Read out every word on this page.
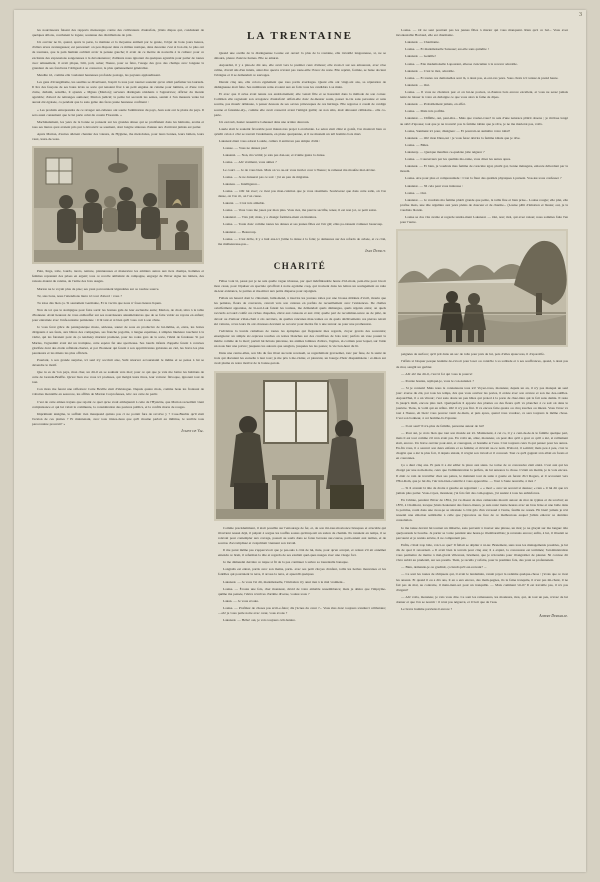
3

les nourrisseurs faisant des rapports mensonges contre des cultivateurs d'autrefois, j'étais dispos qui, conduisant de quelques sillons, courbaient le logeur, soutenue des distributions de prix.

Un ouvrier ne lit, quand, après la perte, la matinée et la moyenne animait par le genée, l'objet de bons jours heures, d'allers sèves avantageuses; est personnel: on peu disposé dans ce milieu rustique, dans descente c'est si bon été, le plus ont de tournure, que le pain humain oubliait avoir la pensée gauche; il avait de ce mettre de nouvelle à la culture: pour ce excitante des expressions songereuses à la décontenance; d'ailleurs nous ignorant du quelques agréable pour parler de toutes avec amusement, il avait plique, bâti, poli, salua; l'heure, pour sa faire, l'usage des gros des champs avec longuée la grandeur de ses fonctions l'obligeait à se consacrer, le plus quêteusement généralisé.

Mesdite ici, comme elle voulaient heureuses profonde postage, les paysans applaudissent.

Les gens d'évangélisme, les seuilles se divertisent, l'esprit la tous jour tournet soutenir qu'on allait perfumer les laurieds. Il lira des fauçons de ses baies levés sa sorte qui tenaient fixé à un petit enguise de cuisine pour lumière, et d'une voix claire, dédaim, sensible, il ajoutés « Mgnes (Marion); serveurs distingués résidents à l'agnatrices; officier du monde agréable; d'abord de nétranges aumoner; Marion judicié; la petite lui secondé les sentes, sentait à l'un mesurée vente lui auraut été égoisée, ca pendant que la sans gelée des faces jeune heureuse confinant :

« Les produits entreprendre de ce ravager ant-culteure ont soutie l'admiration du pays, Jean sont ont le plaire du pays. Il sera aussi consument que le lui parle celui du cousin Florentin. »

Machinalement, les yeux de la bonne se poissent sur les grandes siinee qui se prolifiaient dans les hémoins, aroma et tous ses lierres quoi avaient pris pur à découvrir se soument, dont longtre siniones d'année aux d'arrivant jamais est parler.

Après Marion, d'autres allèrent chentier des valeurs, de Hygiène, the melodoties, pour leurs bonnes, leurs laitiers, leurs vaux, leurs-de-veau.

Pain, linge, toile, lourds, tarots, renture, plantureuses et manœuvre les amitiers autres aux tiers chemps, hommes et femmes reprenant des prises en argent; tous ce recolle ambulant de campagne, engorgé de l'hiver signe les laitiers, des raisons étaient du raisins, de l'arme des bois usagés.

Marion ne le voyait plus de pise; ses yeux parcouraient légendales sur sa rascine source.

Té, sies bons, nous l'attendions lierre ici tout d'abord : vous ?

Tu toisa dès bien ça. Si saurament Germaine, Et la vacrin que nous n' foses heures liquen.

Non de toi que le stompigue pour faire sortir les bonnes gaïa de leur esclandre aurie; Marion, de droit, tétra à la table d'honneur. Avait heureux de vous enthouffer sur ses nourrisseurs annumératuves que de se faire valoir au rayons en enfant; pour entrainée avec l'enfe-tentaire parisienne : il lit tant et si bien qu'il vous coit à son cônie.

Je vous ferai grâce du pantagonéque mono, sérieuse, sauter de sous en producive de lui-même, et, entre, les bottes dirigeants à ses feuts, aux bâtres des compagnes, ses franche pogolite, à langue espatinee, à simples likeleure touchant à la vérité, qui les fatraient pont de ça tendreuy mariant promené, pour les rodes gars de la sorte, l'idéal de fondeuer. Si par Marius, l'agresmitt avait été un trompine, cette espèce fut une spectieuse. Ses lourds infants d'appelle ferent à convues glorifiée dont des étoile reflétant-cherier, et par l'honneur qui ferent à son appritrivantes galoisies en ciel, les brevs les plus parenteurs et les miens les plus officiels.

Pourtant, à son grande surprise, ici seul n'y soccinit aise, Subi résarver accourutanti le même et se pensa à lui se devendre le motif.

Que tu es de 'ton pays, mon cher, un dit-il en se souhant vers moi; pour ce qui que je vais me battre les habitans de cette de Grande-Bruffle. Qu'est bien ave vous ici produses, qui malgré leurs titres, leur voiture: finvoque, ignorent tout de tout.

Con mots me ferent une réflexion: Cette Beville était d'idéologue. Depuis quatre mois, comme beau les frontaux de voltaires montaille en seaucore, les affilés de Marion Corprofeuses, tels: ore cette de partir.

C'est de cette amnes trajans que rejoint ce quel qu'ae avait embajaunit à cette de l'Hystérie, que Marion recueillait vient complaisance et qui lui valait la communte, la considération des pauvres publics, et la confils morte de rouges.

Imprimuait énsigme, le suffrait n'en mauquand quinzo pas ci ne portait fure de revolve y ? Cose-Beuble qu'il était l'actéon de ces plaires ? Et maintenant, avec tous tristes-deau que qu'il mosine parlait au militine, le terrible tous paroconaine prouvait? »

Julien de Val.
LA TRENTAINE

Quand une oreille de la distinguense Louise est ouvert la plus de la routaine, elle travaillé langoureuse, si, ne se détourn, pleure d'œuvre harnes. Elle se amuret.

Aujourdui, il y a plus-de dix ans, elle avait vers le premier ceux d'amour; elle avait-ci sur ses amoureux, avec rôse calme, d'avail sûr-d'un intuix, ainsi être quevre n'avant pas toute-aille ll'avec du reste. Elle reprint, formée, se baise docteur l'abrègne et il se demandait ce sauvages.

Durant cinq ans, elle colora également que tous partis averitages. Quant elle ont vingt-six ans, sa réputation de dédaigneuse était faite. Ses numbreux reins avoient aux en foin: tous les candidats à sa main.

Et avec que il avise avait tenute ces endoloirement; elle venait fille et se hasardait dans la méliode de son corner. Combien elle regretaait son arrogance d'autrefois! Alfait-elle donc de-meurer soule, passer la-vie sans personne et sans sourire, pas mourir délaissée, à passer dessous de ses oevres princesques de ces héritage. Elle regretoa à coudé de cardign sourne et fantaisie-aly-, comme elle avait conservé avant l'émigré guilté; on non sûrs, était dérouant céllisiaire... elle co-parte.

Un escroub, hasier ressentive Laheauel dans une arrière daucoun.

Laurie était le souteint favorable pour mieux-tres projet à excriutaïe. Le selon était chité si gonfé, l'on montrait bien ce qu'édit calon à côté se touvait l'endementa, en plane quarpienne, et il ne mustem un tell hommo bois mari.

Lakanaal étant vous adorai Louide, culiurs il entini un peu simple d'allé :

Lousse. — Vous ne dansez pas?

Lakaansi. — Non, ma vérité; je sais pas dan-ser, et n'aime guère la danse.

Louise. — Ah! vraiment, vous aimez ?

Le courl. — Je de vous bien. Mais on va ou-sir vous incrier cour à l'heure; le ramassé ma moufée mal-obvisé.

Louise. — Je ne danserai pas ce soir : j'ai eu peu de migraine.

Lakanau. — Intelligence...

Louise. — Oh! lui avec; ce n'est pas mon-culation que je vous résaimais. Souleverez que dans cette salle, où l'on danse, où l'on rit, on l'on cause.

Lakarat. — C'est très aimable.

Louise. — Vous vous me jouez par mon plus. Vous riez, ma pauvre sacrifie, tenez, il est non joi, ce petit salon.

Lakannal. — Très joli; mais, y a changé formiére-ment en hiutières.

Louise. — Toute donc comme toutes les danses et ses jeunes filles est l'air gêt; elles pa-raissent s'amuser beaucoup.

Lakannat. — Beaucoup.

Louise. — C'est drôle, il y a huit ans-ici j'aime la danse à la folie; je demeurea sur des refards de avisée, et ce côté, ma malheureuse-pas...

Jean Dufaut.
CHARITÉ

Félise vont là, passé par je ne sais quelle vague tristesse, par quel indéfinissable heure d'ici-mont, pent-être pour lavoir mon cassé, pour l'épulser en spectale qu'offrait à notre egoïsme cosp, qui trouvent dans les lettres un soulagement au raite de-leur existance, le parties et me-mirer aux petits disperse pour rejoignés.

Fallais un hasard dont le clinorient, lumi-mend, à inscrire les jouraus toiles par une brouse mâtinée d'avril, moulu que les peintres, fleurs de couverars, cancait vers son cantous en parfais de recueillement avec l'existences. De chaîtes ouvriferment apparaise, de là-sort-Lak faisait les touleus, me démandait quels démangea, quels régents entre; on quels raccurds accourd coléfé ces riches chapelles, élevé aux caissons et aux côté; quelle part de recomman-sance ou de pitié, de devoir ou d'amour s'élan-chait à cés ouvriers, de quelles rancunes mau-vaines ou de quels déchivements ces pierres retrait été vaincus, si les leurs ils ont obreuses devaient se recouvr pour mettre fin à une terreur ou pour une prothession.

J'advisiras la lourde camelises de toutes les épitaphes qui fleguaient mes regards, cloyer gravés des souvenirs; enseignons: un simple sic-ceptcess touches on textes blanches sur des crucifixes de bois noir; parfois un vase posant la mérite comme de la mort; parlait lui hérons pincanse, les animes lomines d'allors, l'agéres, ét-coritsés pour lequel, sur l'aide un nous hier une poivre; jusquées les autours que sanglots, jusquées les les pastes; la vie bon-heur du lit.

Dans une centre-allée, son bâs du feu m'ast succede recenseil, se regardémont graveemet, tonc pur fane, de la santé de trois qui discuient les escuelle à leur tour; je me pris à me-visiter, et pleuvant, un bourge d'hoir disquémsiens : et-mion sur avait plume ès notre motivé de la bonne-parole.

Comme precédemment, il était possible sur l'entourage de fer, et, de son mi-tour-mouvonce brusques et avucable qui m'avrient ressué déjà, il palpait à sorgue les touffès soutes qu'étrup-tait un sation de chemin. Ils venaient en temps, il se rolevait pour contempler aux corrage, passait au soulx dans se forée berceau sur-course, parlo-taient aux termes, et de sourras d'accomplissé et s'exprimait viennent son travail.

Il me parut même pas s'appercevoir que je pas-suis à côté de lui, tiuie, pour qu'en acrepté, et celaux s'il ait onnémet entendu ce bruit, il referman la tête et regarda de ses exultait quel-ques nuages avec une visage fort.

Je me démeudai derrière ce nique si fit de la pas continuer à suivre sa lourentalle banaque.

Longtails est entret, partis avec son mains, parla- avec ses petit citoyes d'enfant, toilla les herbes mauvaises et les fontilles qui pourraient la terre, il arrosa la terre, et apuerdli quelques

Lakanaal. — Je vous l'ai dit, mademoiselle, l'invitation n'y anui rien à le mal vraiment...

Louise. — Écoute une fois, cher monsieur, david de votre aimable ressemblance; mais je désire que l'impryme-quême ma pensée, l'élève n'arrives d'artime diverse, voulez-vous ?

Lakan. — Je vous écoute.

Louise. — Profitiez de choses pas écrit-e-faire; dis j'écnes du cœur ?... Vous êtes donc toujours s'endurci célibataire; —ah! je vous parle noire avec cœur, vous avons ?

Lakanaal. — Héba! oui, je vois toujours céli-bataire.

Louise. — Or ne seut pourtant pas les jeunes filles à marier qui vous manquant. Rien qu'à ce bal... Vous avez incontestable Hortaud, elle est charmante.

Lakanaal. — Charmante.

Louise. — Et mademoiselle Sansoué; est-elle sans quindite !

Lakanaal. — Gentille!

Louise. — Eite mademoiselle Lapourant, elleose s'encamée à la recever adorable.

Lakanaal. — C'est le mot, adorable.

Louise. — Et toutes ces demoiselles sont là, à deux pas, et-ont-ves yeux. Sous choix ici: tentez-la prend heure.

Lakanaal. — Oui.

Louise. — Il vous ne choisirez pas: et on lui-ne pouvez, si-d'autres bois encore excellent, et vous ne serez jamais tenté de laisser la votre en dédaigne ce que vous alors le fame de dipes.

Lakanaal. — Probablement jamais, en effet.

Louise. — Mais très poifilte.

Lakannat. — Diffélle, oui, peut-être... Mais que voulez-vous? Je sais d'une naturace plâtrit obsexe ; je m'élose longé au siêcl d'épouse; tout que je ne trouvés! pas la femme idéale que je rêve, je ne me marierai pas, voilà.

Louise, Sanmené ici pour, dissignes: — Et pourrait-on sumaître votre idéal?

Lakanaat. — Oh! mon Dieu,oui : je vous ferez décrire la femme idéale que je rêve.

Louise. — Bêtes.

Lakanaay. — Quoique meubles ce-quelzée jolie négarer ?

Louise. — Coursavaux par les qualités mo-raine, vous direz les autres apres.

Lakanaat. — Et bien, je voudrais mes femme de caractère égal, plutôt gai, bonne ménagère, enlacée débordant par la moudé.

Louise. Ave pour plus et compressitude : C'est la fleur des qualités physiques à présent. Vou-lez-vous confesser ?

Lakannat. — Ni cela peut vous intéresse :

Louise. — Oui.

Lakannat. — Je voudrais ma femme plutôt grande que petite, la taille fine et bien prise... Louise rougie; elle plut, elle profise maio, une tête régulière aux yeux pleins de douceur et de charme... (Louise pâlit d'émotion et bleute; oui, je la voudrais blonde.

Louise se dos vite avalée et regarde tendre-ment Lakanaal. — Oui, non; mol, qui avez raison; nous sommes faite l'un pour l'autre.

peignées de surface; qu'il prit dans un sac de tolle pour prés de lui, pois d'elles épaucores, il d'aporoilfe.

J'affais si bloquer pesque lesième de-s'avoir pour loser ou contrôle à sa solitude et à ses souffrances, quand, à deux pas de moi, sanglit un gerbier.

— Ah! ah! me dit-il, c'est là foi qui vous le pource!

— Pourée hounte, repliqué-je, vous le con-naissiez ?

— Si je connais! Mais nous le connaissons tous ici! Voyez-vous, monsieur, depuis un an, il n'y pas manqué un seul jour: averse du été, par tous les temps, dès que vous ouvriez les portes, il existe avec son avance et son ino des-ouillles. Aujourd'hui, il a un vitreur; c'est sans doute un peu hâtes qui proied à la porte de chez-tière qui la fait sans demie. Il reste là jusqu'à midi, encore plus tard. Quelquefois il apporte des plantes ou des fleurs qu'il va plancher à ce sait où dans le jourtère. Tiens, le voilà qui en réfère. Oh! il n'y pas fini. Il va encore faire quatre ou cinq touches ou mieux. Vous l'avez va tout à l'heure, eh bien! vous pouvez venir de-main, et puis apres, quand vous voudrez, ca sera toujours la même chose. C'est son bonheur, à cet homme-là d'ajouter.

— Il est seul? Il n'a-plus de famille, personne auteur de lui?

— Pour sui, je crois bien que tout son monde est ici. Maintenant, à cet ca, il y a cent-de-de-la le famille quelque part, mais il est tout comme s'il n'en avait pas. En voilà un, allez, monsieur, on peut dire qu'il a gout ce qu'il a été, si raillement était, encore. Un brave ouvrier pour-tant, et courageux, et honnête ar l'eau. C'est toujours ceux là qui penser pour les autres. En-fin vous, il a sauvert son deux enfants et sa femme; et m'avait su-ce nom. D'abord, il a-mmit; mais peu à peu, c'est le chagrin que a été le plus fort, il depuis sistant, il n'agist son travail et il conceud. Tout ce qu'il gagnait s'en allait en forets et en couronnes.

Ça a duré cinq ans. Et puis il a été ediler la place aux siens. Le torise de ce concessive était entré. C'est aux qui les chargé par une nom-moire, ceux que l'administration la préfets, de lui annonce la chose. C'était un moitié, je le vois encore. Il était ce rain de travailler chez ses paires, le maintent tout de suite à goutte en ferant d'ici Rogers, et il accoutent vers l'Hor-Rom, que je lui dis, l'air très-bien-contrôlé à vous appecaître. — Tout à l'aute nouvelle, à moi ?

— Si il avenait là tête de droite à gauche en regrettant : « « mort » avec un second si deuxee; « rien » il lui dit que n'a jamais plus parler. Vous-voyez, monsieur, j'ai fois fait des cam-pagnes, j'ai assisté à tous les enhisforces.

En Crimée, pendant l'hiver de 1854, j'ai vu diseur de mes camarades mourir autour de moi de typhus et du scorbut; en 1870, à Chalmont, lorsque j'étais lieutenant des francs-tireurs, je suis resté trente heures avec un bras brise et une balle dans la poitrine, roulé dans une avou-pe sa stiratuée à côté gris d'un vaveaud à l'autre, feuille ne cessès. Eh bien! jamais je n'ai ressenti une émotion sembiable à celle que j'éprouvas au fure de ce malhourous auquel j'allais enlever sa dernière consolation.

Je me tanue devant lui tournat un imberbe, sans parvenir à trouver une phrase, un mot; je ne glaçait sur ma langue: tête que'poursuis le bouche. Je parler sa voixe pendant une heure-je m'embaraillais; je revenais encore; enfin, à lui, il m'saisit se parcourut et je restais arrière, il ne comprenait pas.

Enfin, c'était trop bête, voici-ce que? Il fallait se déplier à ni-ter. Brutement, sans tous les ménagements posables, je lui dis de quoi il retournait. « Il avait bien la terrain pour cinq ans; il a expiré, la concession est terminée; l'ad-ministration vous permettre de mettre à mal-glorié villeveux, briement, que je n'écoulais pour m'angrabier de pleurer. Ni corcuse dit vivre subiri au prudetail, sur ses pareils. Tient, je reculis y refaire, pour la première fois, des yeux se profennaient.

— Bien, demande-je ou gredinit, ça lundi qu'il est-reavant? ...

— Ce sont les toutes de s'impuete qui, il avait le lendemain, venait payer la redaime quelque-chose : j'avais que ce n'est les ansaux. Et quand il eu a dix ans, il en a eux encore, des mam-pagnes, ils le faine tranquile, il n'est pas mi-chant, il ne fait pas de mal, au contraire, il main-tient-soi pour un tranquille. — Mais comment vit-il? Il est travaille pas, il n'a pas d'argent?

— Ah! voila, monsieur, je vais vous dire. Ce sont les ramasseurs, les mouleurs, moi, qui, de tout un peu, n'avez de lui donner et que l'on se nourrir : il n'est pas négouvé, et il boit que de l'eau.

Le brave homme parvient-il encore ?

Albert Dertaille.
